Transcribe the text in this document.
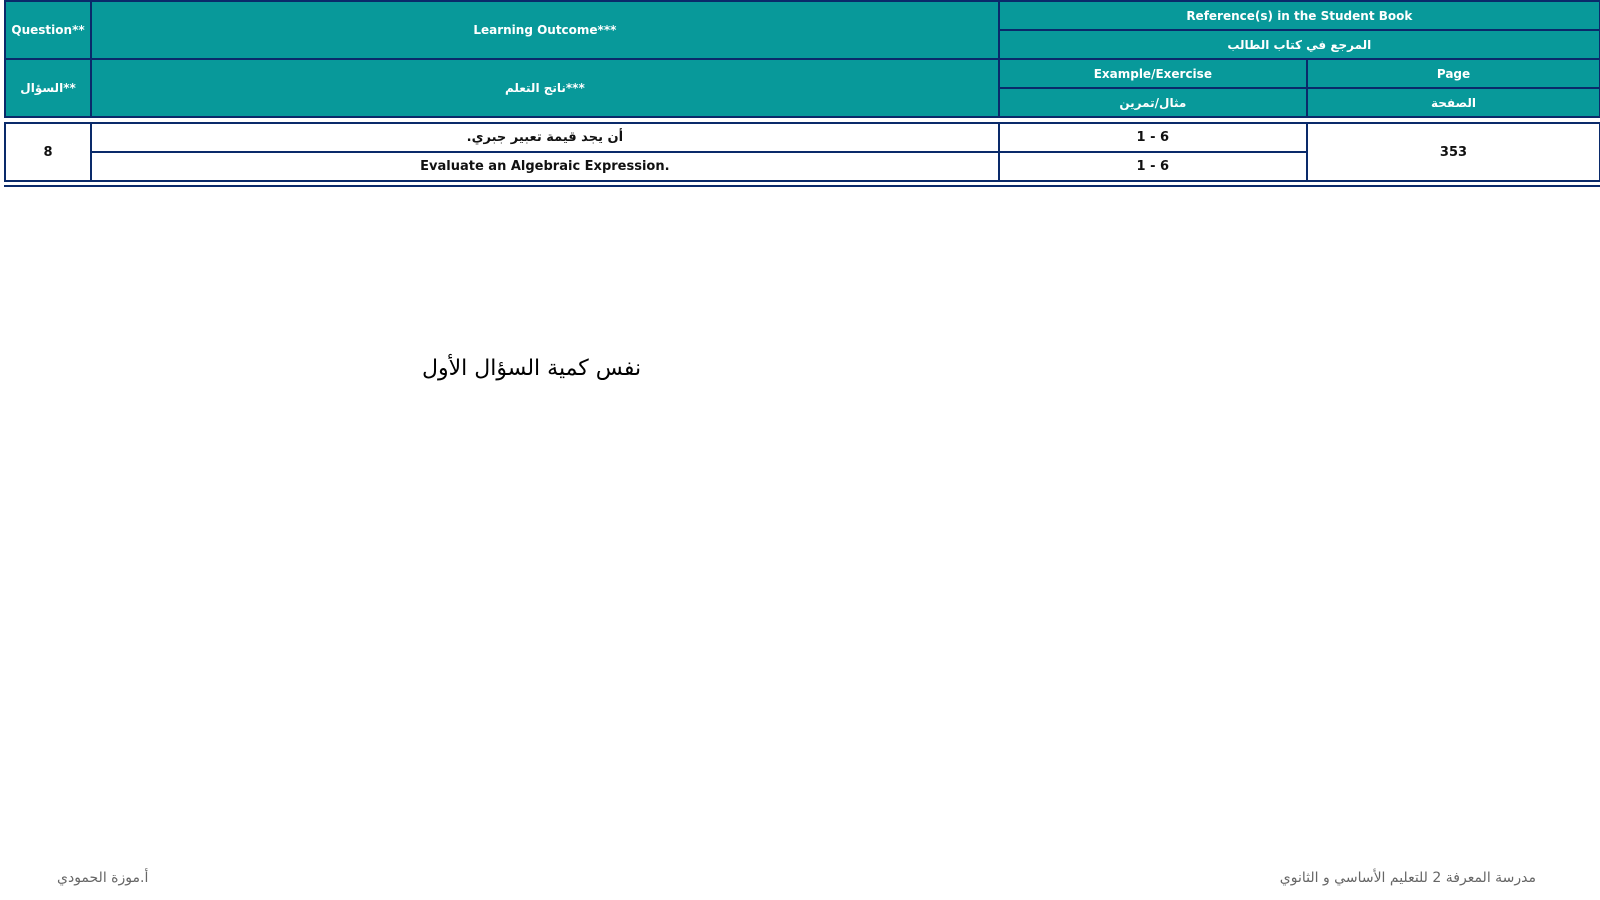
Question**	Learning Outcome***	Reference(s) in the Student Book	
		المرجع في كتاب الطالب	
السؤال**	ناتج التعلم***	Example/Exercise	Page
		مثال/تمرين	الصفحة

8	أن يجد قيمة تعبير جبري.	1 - 6	353
	Evaluate an Algebraic Expression.	1 - 6	
نفس كمية السؤال الأول
أ.موزة الحمودي	مدرسة المعرفة 2 للتعليم الأساسي و الثانوي
